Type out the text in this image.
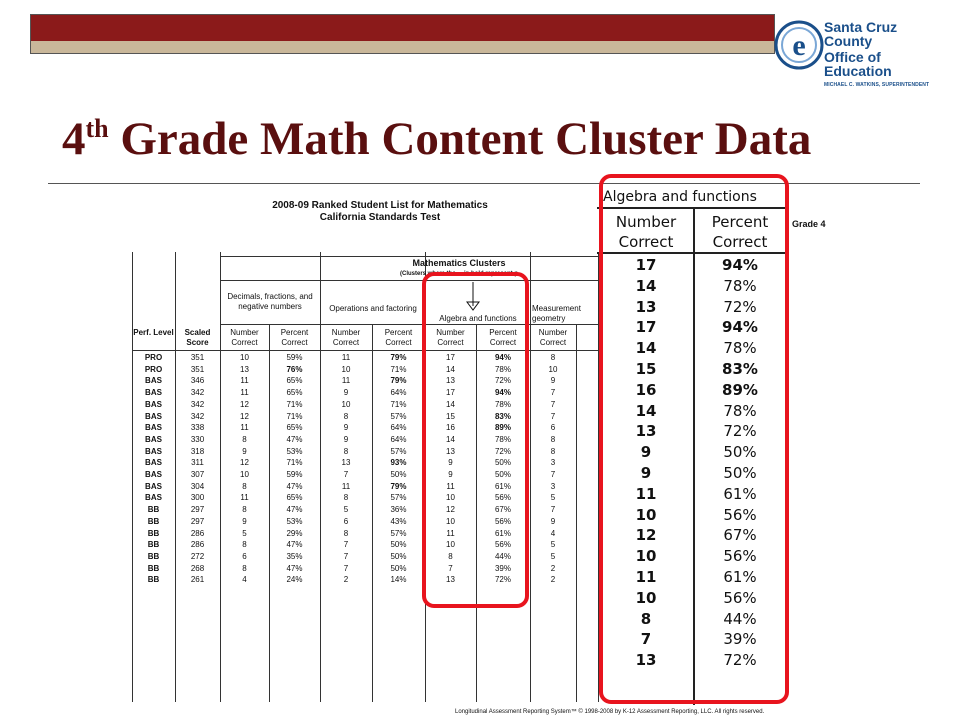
e
Santa Cruz County
Office of Education
MICHAEL C. WATKINS, SUPERINTENDENT
4th Grade Math Content Cluster Data
2008-09 Ranked Student List for Mathematics
California Standards Test
Grade 4
Mathematics Clusters
(Clusters where the ... in bold represent p
Decimals, fractions, and negative numbers	Operations and factoring
Algebra and functions
Measurement geometry
Perf. Level	Scaled Score
Number Correct
Percent Correct
Number Correct
Percent Correct
Number Correct
Percent Correct
Number Correct
PRO	351	10	59%	11	79%	17	94%	8
PRO	351	13	76%	10	71%	14	78%	10
BAS	346	11	65%	11	79%	13	72%	9
BAS	342	11	65%	9	64%	17	94%	7
BAS	342	12	71%	10	71%	14	78%	7
BAS	342	12	71%	8	57%	15	83%	7
BAS	338	11	65%	9	64%	16	89%	6
BAS	330	8	47%	9	64%	14	78%	8
BAS	318	9	53%	8	57%	13	72%	8
BAS	311	12	71%	13	93%	9	50%	3
BAS	307	10	59%	7	50%	9	50%	7
BAS	304	8	47%	11	79%	11	61%	3
BAS	300	11	65%	8	57%	10	56%	5
BB	297	8	47%	5	36%	12	67%	7
BB	297	9	53%	6	43%	10	56%	9
BB	286	5	29%	8	57%	11	61%	4
BB	286	8	47%	7	50%	10	56%	5
BB	272	6	35%	7	50%	8	44%	5
BB	268	8	47%	7	50%	7	39%	2
BB	261	4	24%	2	14%	13	72%	2
Longitudinal Assessment Reporting System™ © 1998-2008 by K-12 Assessment Reporting, LLC. All rights reserved.
Algebra and functions
Number Correct
Percent Correct
17	94%
14	78%
13	72%
17	94%
14	78%
15	83%
16	89%
14	78%
13	72%
9	50%
9	50%
11	61%
10	56%
12	67%
10	56%
11	61%
10	56%
8	44%
7	39%
13	72%
